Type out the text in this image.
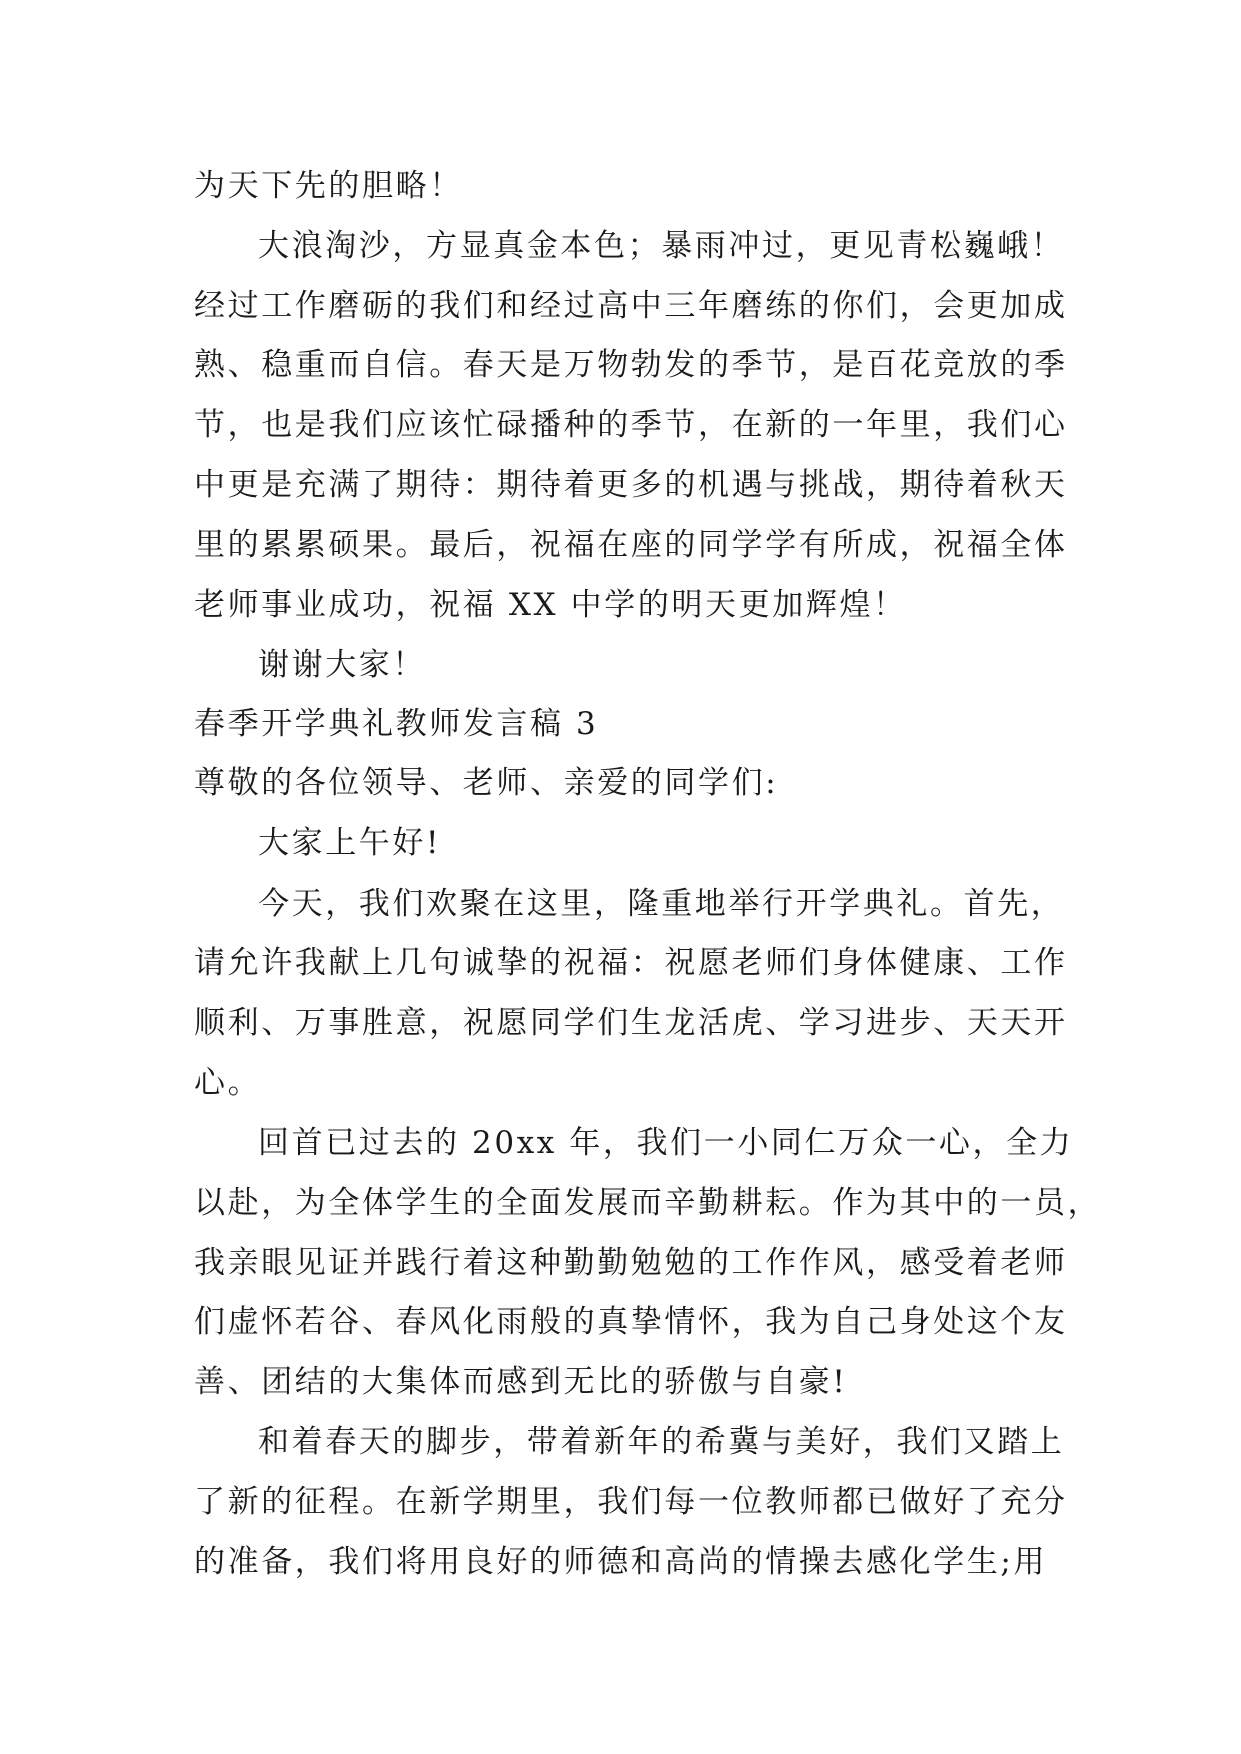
为天下先的胆略！
大浪淘沙，方显真金本色；暴雨冲过，更见青松巍峨！
经过工作磨砺的我们和经过高中三年磨练的你们，会更加成
熟、稳重而自信。春天是万物勃发的季节，是百花竞放的季
节，也是我们应该忙碌播种的季节，在新的一年里，我们心
中更是充满了期待：期待着更多的机遇与挑战，期待着秋天
里的累累硕果。最后，祝福在座的同学学有所成，祝福全体
老师事业成功，祝福 XX 中学的明天更加辉煌！
谢谢大家！
春季开学典礼教师发言稿 3
尊敬的各位领导、老师、亲爱的同学们:
大家上午好!
今天，我们欢聚在这里，隆重地举行开学典礼。首先，
请允许我献上几句诚挚的祝福：祝愿老师们身体健康、工作
顺利、万事胜意，祝愿同学们生龙活虎、学习进步、天天开
心。
回首已过去的 20xx 年，我们一小同仁万众一心，全力
以赴，为全体学生的全面发展而辛勤耕耘。作为其中的一员，
我亲眼见证并践行着这种勤勤勉勉的工作作风，感受着老师
们虚怀若谷、春风化雨般的真挚情怀，我为自己身处这个友
善、团结的大集体而感到无比的骄傲与自豪!
和着春天的脚步，带着新年的希冀与美好，我们又踏上
了新的征程。在新学期里，我们每一位教师都已做好了充分
的准备，我们将用良好的师德和高尚的情操去感化学生;用
